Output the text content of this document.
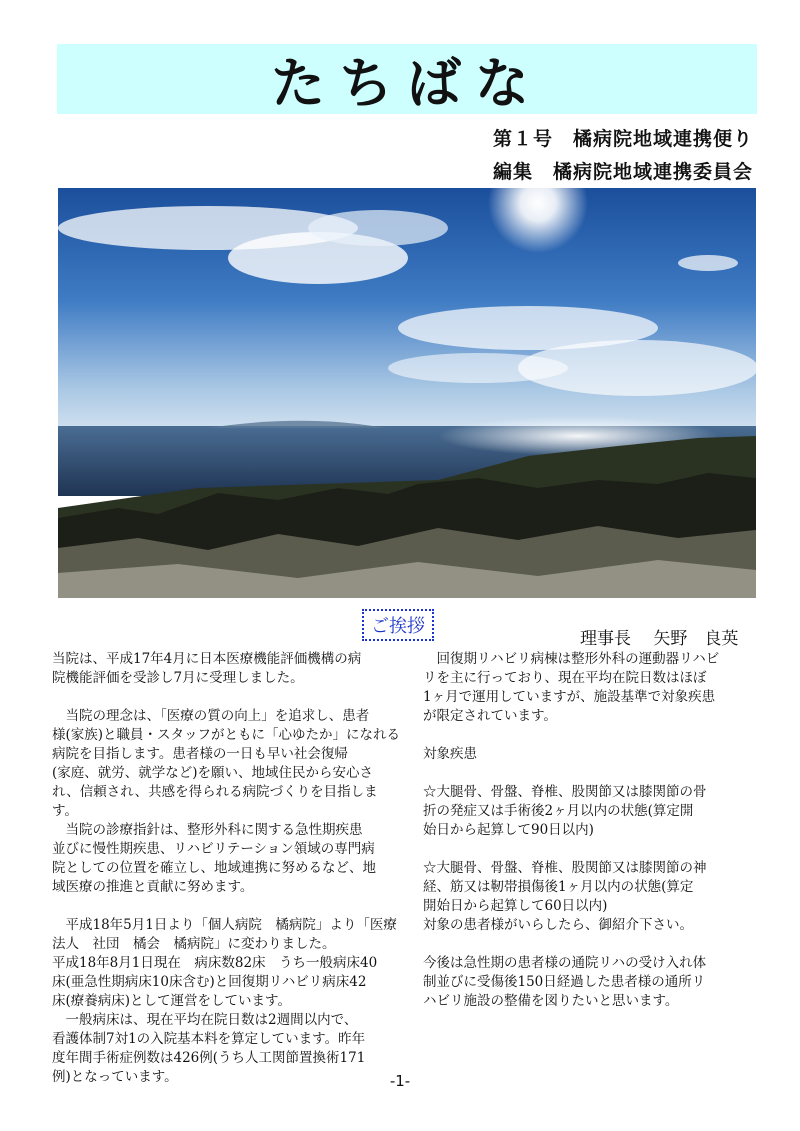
たちばな
第１号　橘病院地域連携便り
編集　橘病院地域連携委員会
ご挨拶
理事長　 矢野　良英

当院は、平成17年4月に日本医療機能評価機構の病

院機能評価を受診し7月に受理しました。

　当院の理念は、「医療の質の向上」を追求し、患者

様(家族)と職員・スタッフがともに「心ゆたか」になれる

病院を目指します。患者様の一日も早い社会復帰

(家庭、就労、就学など)を願い、地域住民から安心さ

れ、信頼され、共感を得られる病院づくりを目指しま

す。

　当院の診療指針は、整形外科に関する急性期疾患

並びに慢性期疾患、リハビリテーション領域の専門病

院としての位置を確立し、地域連携に努めるなど、地

域医療の推進と貢献に努めます。

　平成18年5月1日より「個人病院　橘病院」より「医療

法人　社団　橘会　橘病院」に変わりました。

平成18年8月1日現在　病床数82床　うち一般病床40

床(亜急性期病床10床含む)と回復期リハビリ病床42

床(療養病床)として運営をしています。

　一般病床は、現在平均在院日数は2週間以内で、

看護体制7対1の入院基本料を算定しています。昨年

度年間手術症例数は426例(うち人工関節置換術171

例)となっています。

　回復期リハビリ病棟は整形外科の運動器リハビ

リを主に行っており、現在平均在院日数はほぼ

1ヶ月で運用していますが、施設基準で対象疾患

が限定されています。

対象疾患

☆大腿骨、骨盤、脊椎、股関節又は膝関節の骨

折の発症又は手術後2ヶ月以内の状態(算定開

始日から起算して90日以内)

☆大腿骨、骨盤、脊椎、股関節又は膝関節の神

経、筋又は靭帯損傷後1ヶ月以内の状態(算定

開始日から起算して60日以内)

対象の患者様がいらしたら、御紹介下さい。

今後は急性期の患者様の通院リハの受け入れ体

制並びに受傷後150日経過した患者様の通所リ

ハビリ施設の整備を図りたいと思います。

-1-
